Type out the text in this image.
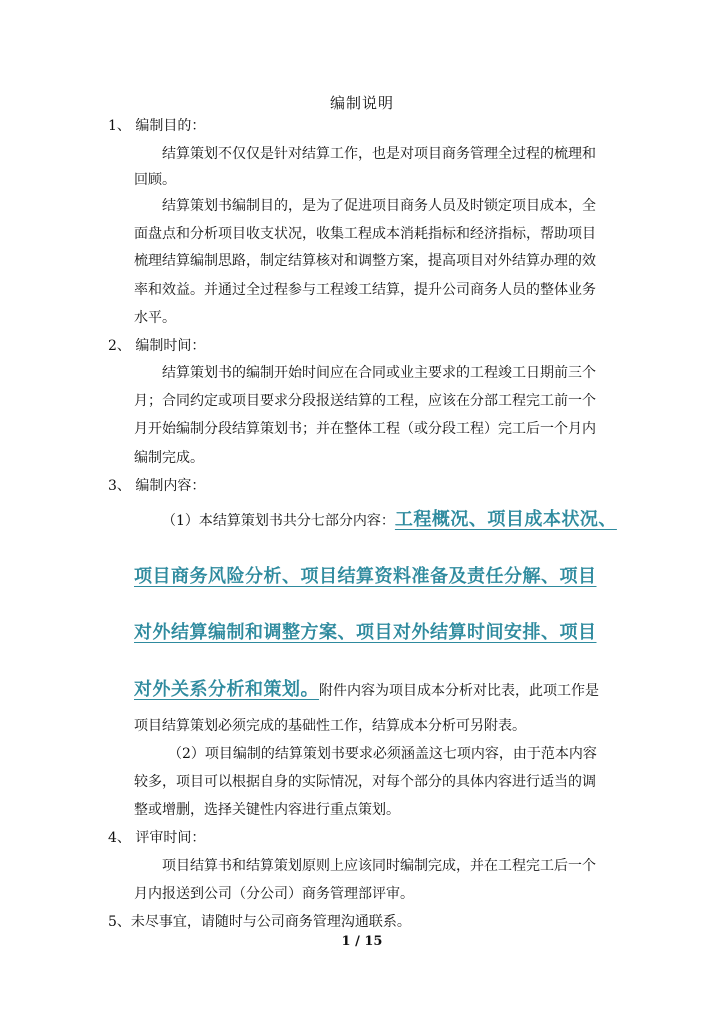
编制说明
1、 编制目的：
结算策划不仅仅是针对结算工作，也是对项目商务管理全过程的梳理和
回顾。
结算策划书编制目的，是为了促进项目商务人员及时锁定项目成本，全
面盘点和分析项目收支状况，收集工程成本消耗指标和经济指标，帮助项目
梳理结算编制思路，制定结算核对和调整方案，提高项目对外结算办理的效
率和效益。并通过全过程参与工程竣工结算，提升公司商务人员的整体业务
水平。
2、 编制时间：
结算策划书的编制开始时间应在合同或业主要求的工程竣工日期前三个
月；合同约定或项目要求分段报送结算的工程，应该在分部工程完工前一个
月开始编制分段结算策划书；并在整体工程（或分段工程）完工后一个月内
编制完成。
3、 编制内容：
（1）本结算策划书共分七部分内容：工程概况、项目成本状况、
项目商务风险分析、项目结算资料准备及责任分解、项目
对外结算编制和调整方案、项目对外结算时间安排、项目
对外关系分析和策划。附件内容为项目成本分析对比表，此项工作是
项目结算策划必须完成的基础性工作，结算成本分析可另附表。
（2）项目编制的结算策划书要求必须涵盖这七项内容，由于范本内容
较多，项目可以根据自身的实际情况，对每个部分的具体内容进行适当的调
整或增删，选择关键性内容进行重点策划。
4、 评审时间：
项目结算书和结算策划原则上应该同时编制完成，并在工程完工后一个
月内报送到公司（分公司）商务管理部评审。
5、未尽事宜，请随时与公司商务管理沟通联系。
1 / 15
